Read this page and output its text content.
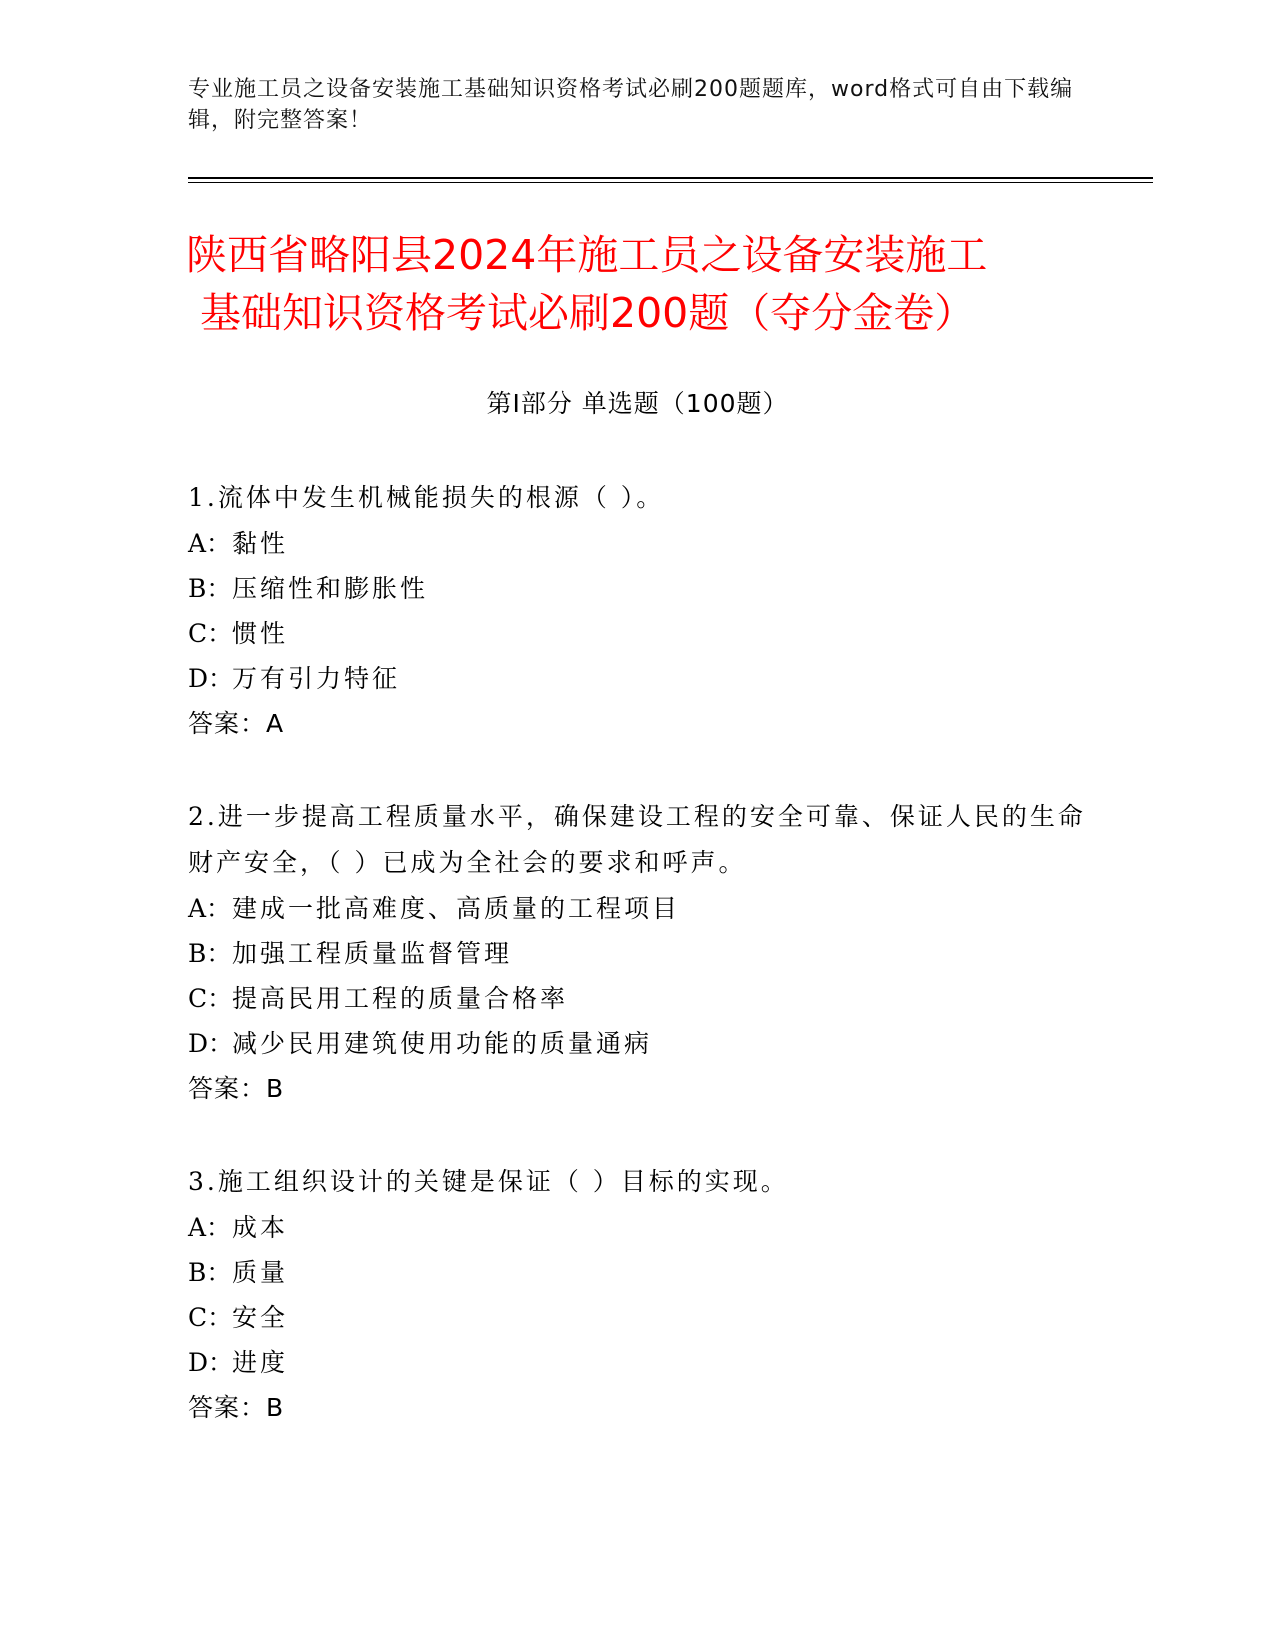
专业施工员之设备安装施工基础知识资格考试必刷200题题库，word格式可自由下载编辑，附完整答案！
陕西省略阳县2024年施工员之设备安装施工
基础知识资格考试必刷200题（夺分金卷）
第Ⅰ部分 单选题（100题）

1.流体中发生机械能损失的根源（ ）。

A：黏性
B：压缩性和膨胀性
C：惯性
D：万有引力特征
答案：A

2.进一步提高工程质量水平，确保建设工程的安全可靠、保证人民的生命财产安全，（ ）已成为全社会的要求和呼声。

A：建成一批高难度、高质量的工程项目
B：加强工程质量监督管理
C：提高民用工程的质量合格率
D：减少民用建筑使用功能的质量通病
答案：B

3.施工组织设计的关键是保证（ ）目标的实现。

A：成本
B：质量
C：安全
D：进度
答案：B
